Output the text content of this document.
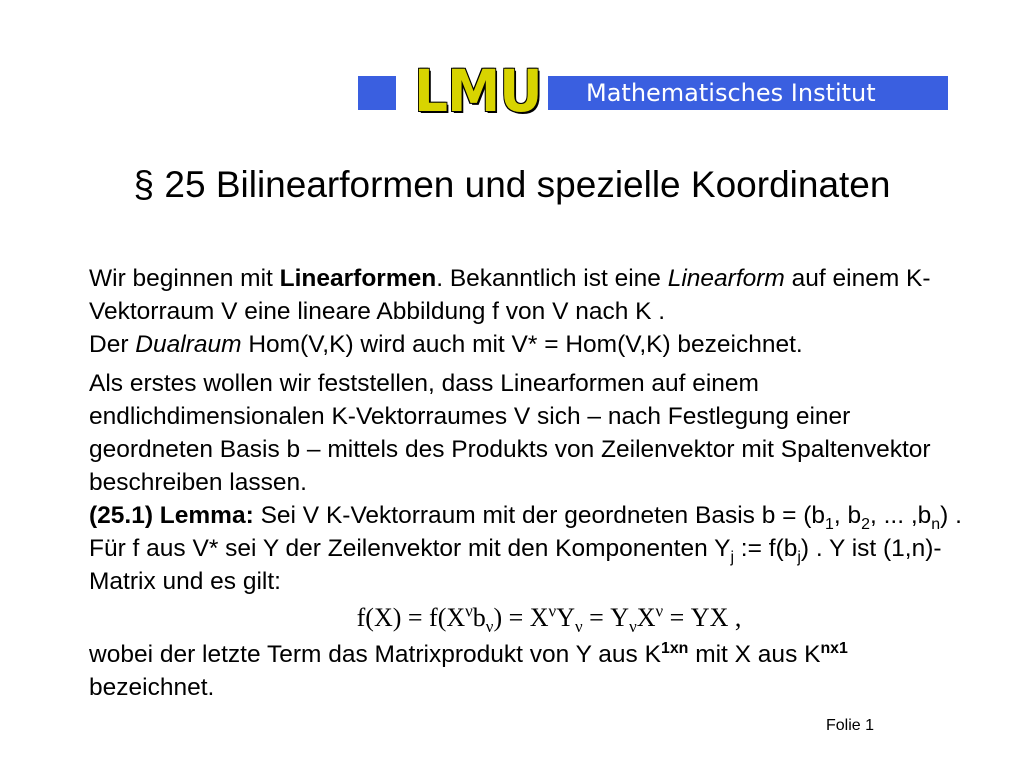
LMU	Mathematisches Institut
§ 25 Bilinearformen und spezielle Koordinaten

Wir beginnen mit Linearformen. Bekanntlich ist eine Linearform auf einem K-Vektorraum V eine lineare Abbildung f von V nach K .
Der Dualraum Hom(V,K) wird auch mit V* = Hom(V,K) bezeichnet.

Als erstes wollen wir feststellen, dass Linearformen auf einem endlichdimensionalen K-Vektorraumes V sich – nach Festlegung einer geordneten Basis b – mittels des Produkts von Zeilenvektor mit Spaltenvektor beschreiben lassen.

(25.1) Lemma: Sei V K-Vektorraum mit der geordneten Basis $b = (b_1$, $b_2$, ... $,b_n$) . Für f aus V* sei Y der Zeilenvektor mit den Komponenten $Y_j$ := $f(b_j)$ . Y ist (1,n)-Matrix und es gilt:

$f(X) = f(X^\nu b_\nu) = X^\nu Y_\nu = Y_\nu X^\nu$ = YX ,

wobei der letzte Term das Matrixprodukt von Y aus $K^{1xn}$ mit X aus $K^{nx1}$ bezeichnet.

Folie 1
